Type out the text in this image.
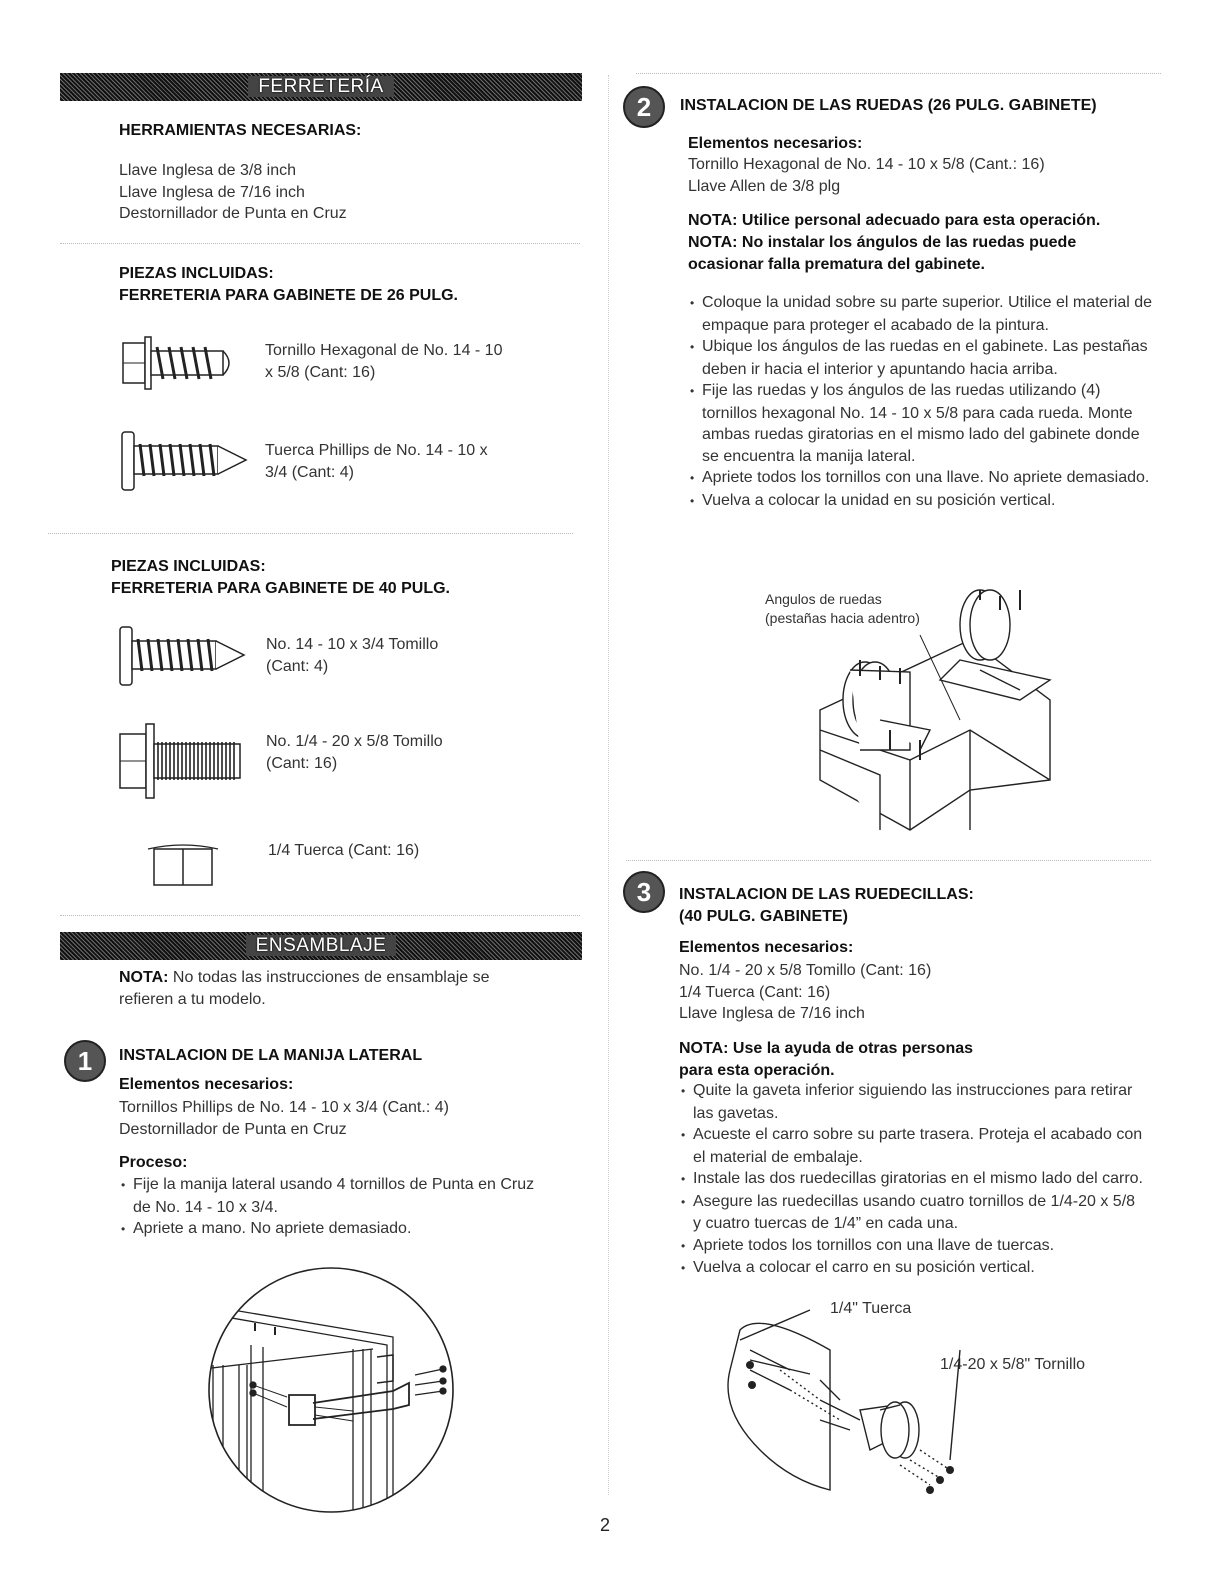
FERRETERÍA
HERRAMIENTAS NECESARIAS:
Llave Inglesa de 3/8 inch
Llave Inglesa de 7/16 inch
Destornillador de Punta en Cruz
PIEZAS INCLUIDAS:
FERRETERIA PARA GABINETE DE 26 PULG.
Tornillo Hexagonal de No. 14 - 10
x 5/8 (Cant: 16)
Tuerca Phillips de No. 14 - 10 x
3/4 (Cant: 4)
PIEZAS INCLUIDAS:
FERRETERIA PARA GABINETE DE 40 PULG.
No. 14 - 10 x 3/4 Tomillo
(Cant: 4)
No. 1/4 - 20 x 5/8 Tomillo
(Cant: 16)
1/4 Tuerca (Cant: 16)
ENSAMBLAJE
NOTA: No todas las instrucciones de ensamblaje se
refieren a tu modelo.
1	INSTALACION DE LA MANIJA LATERAL
Elementos necesarios:
Tornillos Phillips de No. 14 - 10 x 3/4 (Cant.: 4)
Destornillador de Punta en Cruz
Proceso:
• Fije la manija lateral usando 4 tornillos de Punta en Cruz de No. 14 - 10 x 3/4.
• Apriete a mano. No apriete demasiado.
2	INSTALACION DE LAS RUEDAS (26 PULG. GABINETE)
Elementos necesarios:
Tornillo Hexagonal de No. 14 - 10 x 5/8 (Cant.: 16)
Llave Allen de 3/8 plg
NOTA: Utilice personal adecuado para esta operación.
NOTA: No instalar los ángulos de las ruedas puede
ocasionar falla prematura del gabinete.
• Coloque la unidad sobre su parte superior. Utilice el material de empaque para proteger el acabado de la pintura.
• Ubique los ángulos de las ruedas en el gabinete. Las pestañas deben ir hacia el interior y apuntando hacia arriba.
• Fije las ruedas y los ángulos de las ruedas utilizando (4) tornillos hexagonal No. 14 - 10 x 5/8 para cada rueda. Monte ambas ruedas giratorias en el mismo lado del gabinete donde se encuentra la manija lateral.
• Apriete todos los tornillos con una llave. No apriete demasiado.
• Vuelva a colocar la unidad en su posición vertical.
Angulos de ruedas
(pestañas hacia adentro)
3	INSTALACION DE LAS RUEDECILLAS:
(40 PULG. GABINETE)
Elementos necesarios:
No. 1/4 - 20 x 5/8 Tomillo (Cant: 16)
1/4 Tuerca (Cant: 16)
Llave Inglesa de 7/16 inch
NOTA: Use la ayuda de otras personas
para esta operación.
• Quite la gaveta inferior siguiendo las instrucciones para retirar las gavetas.
• Acueste el carro sobre su parte trasera. Proteja el acabado con el material de embalaje.
• Instale las dos ruedecillas giratorias en el mismo lado del carro.
• Asegure las ruedecillas usando cuatro tornillos de 1/4-20 x 5/8 y cuatro tuercas de 1/4” en cada una.
• Apriete todos los tornillos con una llave de tuercas.
• Vuelva a colocar el carro en su posición vertical.
1/4" Tuerca
1/4-20 x 5/8" Tornillo
2
